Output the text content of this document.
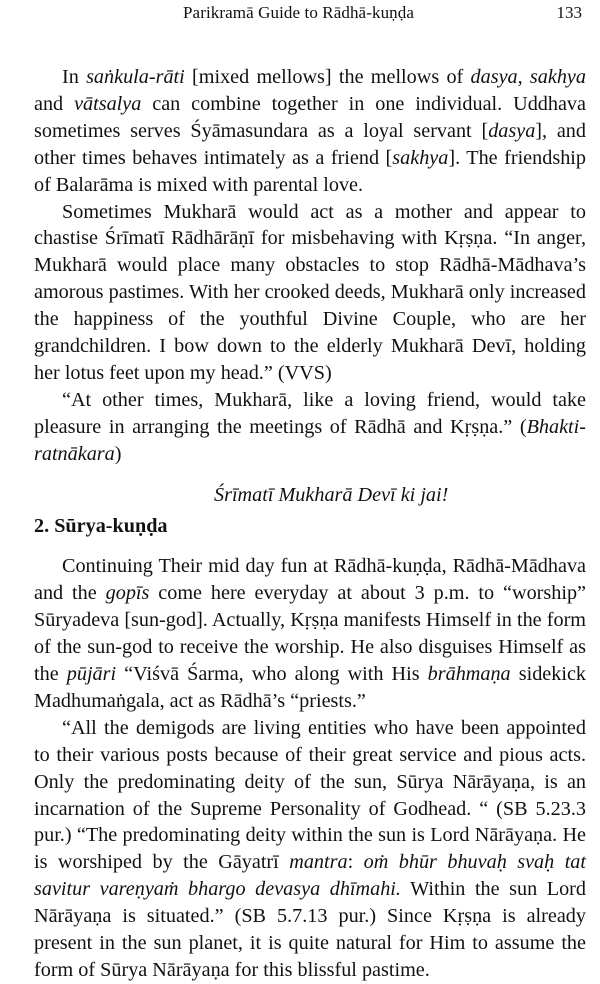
Parikramā Guide to Rādhā-kuṇḍa	133

In saṅkula-rāti [mixed mellows] the mellows of dasya, sakhya and vātsalya can combine together in one individual. Uddhava sometimes serves Śyāmasundara as a loyal servant [dasya], and other times behaves intimately as a friend [sakhya]. The friendship of Balarāma is mixed with parental love.

Sometimes Mukharā would act as a mother and appear to chastise Śrīmatī Rādhārāṇī for misbehaving with Kṛṣṇa. “In anger, Mukharā would place many obstacles to stop Rādhā-Mādhava’s amorous pastimes. With her crooked deeds, Mukharā only increased the happiness of the youthful Divine Couple, who are her grandchildren. I bow down to the elderly Mukharā Devī, holding her lotus feet upon my head.” (VVS)

“At other times, Mukharā, like a loving friend, would take pleasure in arranging the meetings of Rādhā and Kṛṣṇa.” (Bhakti-ratnākara)

Śrīmatī Mukharā Devī ki jai!

2. Sūrya-kuṇḍa

Continuing Their mid day fun at Rādhā-kuṇḍa, Rādhā-Mādhava and the gopīs come here everyday at about 3 p.m. to “worship” Sūryadeva [sun-god]. Actually, Kṛṣṇa manifests Himself in the form of the sun-god to receive the worship. He also disguises Himself as the pūjāri “Viśvā Śarma, who along with His brāhmaṇa sidekick Madhumaṅgala, act as Rādhā’s “priests.”

“All the demigods are living entities who have been appointed to their various posts because of their great service and pious acts. Only the predominating deity of the sun, Sūrya Nārāyaṇa, is an incarnation of the Supreme Personality of Godhead. “ (SB 5.23.3 pur.) “The predominating deity within the sun is Lord Nārāyaṇa. He is worshiped by the Gāyatrī mantra: oṁ bhūr bhuvaḥ svaḥ tat savitur vareṇyaṁ bhargo devasya dhīmahi. Within the sun Lord Nārāyaṇa is situated.” (SB 5.7.13 pur.) Since Kṛṣṇa is already present in the sun planet, it is quite natural for Him to assume the form of Sūrya Nārāyaṇa for this blissful pastime.
